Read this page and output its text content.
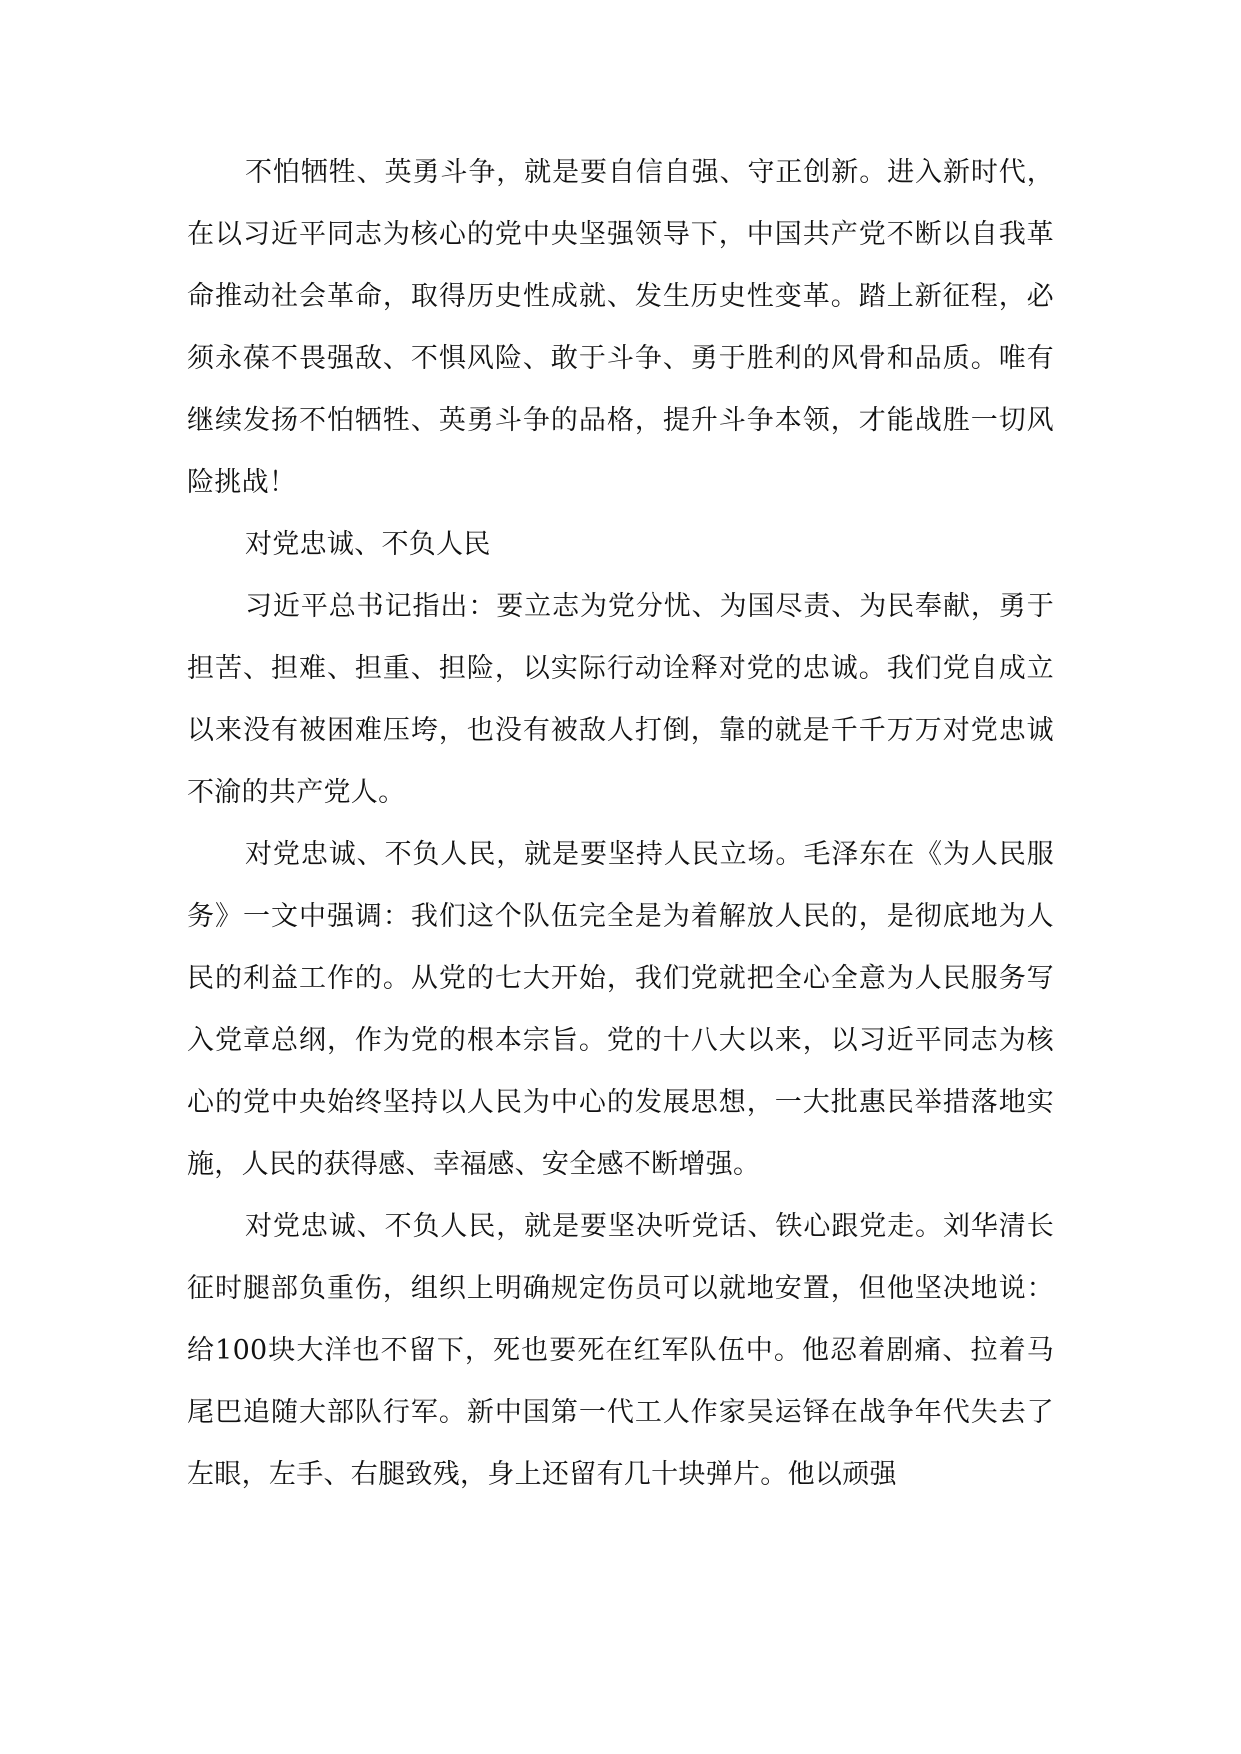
不怕牺牲、英勇斗争，就是要自信自强、守正创新。进入新时代，在以习近平同志为核心的党中央坚强领导下，中国共产党不断以自我革命推动社会革命，取得历史性成就、发生历史性变革。踏上新征程，必须永葆不畏强敌、不惧风险、敢于斗争、勇于胜利的风骨和品质。唯有继续发扬不怕牺牲、英勇斗争的品格，提升斗争本领，才能战胜一切风险挑战！

对党忠诚、不负人民

习近平总书记指出：要立志为党分忧、为国尽责、为民奉献，勇于担苦、担难、担重、担险，以实际行动诠释对党的忠诚。我们党自成立以来没有被困难压垮，也没有被敌人打倒，靠的就是千千万万对党忠诚不渝的共产党人。

对党忠诚、不负人民，就是要坚持人民立场。毛泽东在《为人民服务》一文中强调：我们这个队伍完全是为着解放人民的，是彻底地为人民的利益工作的。从党的七大开始，我们党就把全心全意为人民服务写入党章总纲，作为党的根本宗旨。党的十八大以来，以习近平同志为核心的党中央始终坚持以人民为中心的发展思想，一大批惠民举措落地实施，人民的获得感、幸福感、安全感不断增强。

对党忠诚、不负人民，就是要坚决听党话、铁心跟党走。刘华清长征时腿部负重伤，组织上明确规定伤员可以就地安置，但他坚决地说：给100块大洋也不留下，死也要死在红军队伍中。他忍着剧痛、拉着马尾巴追随大部队行军。新中国第一代工人作家吴运铎在战争年代失去了左眼，左手、右腿致残，身上还留有几十块弹片。他以顽强
